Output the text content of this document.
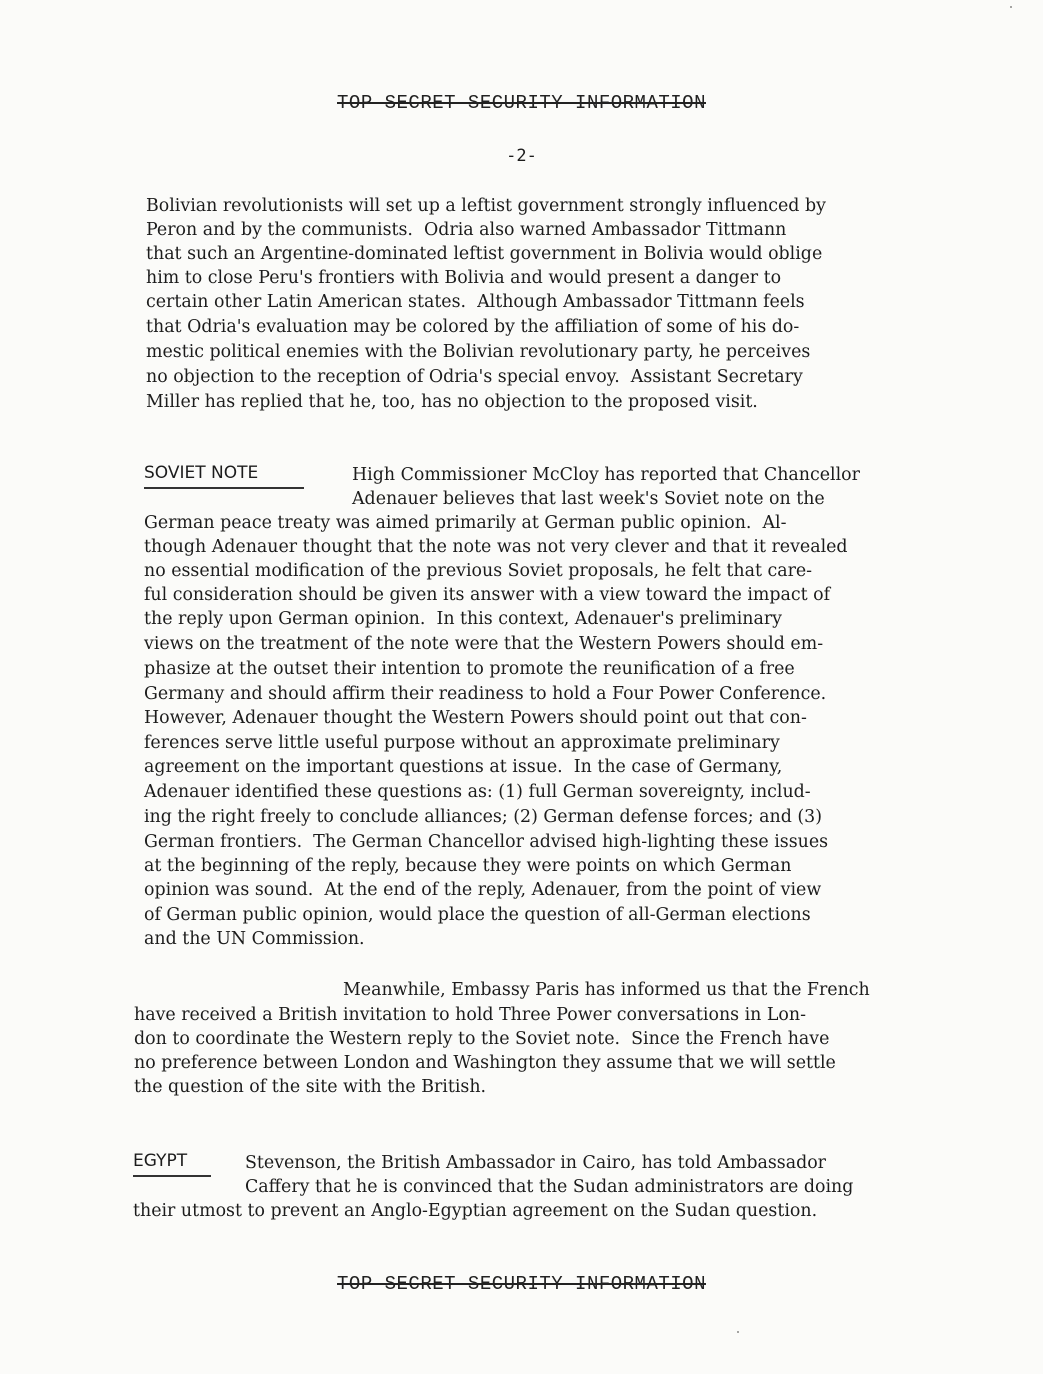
TOP SECRET SECURITY INFORMATION
-2-
Bolivian revolutionists will set up a leftist government strongly influenced by
Peron and by the communists.  Odria also warned Ambassador Tittmann
that such an Argentine-dominated leftist government in Bolivia would oblige
him to close Peru's frontiers with Bolivia and would present a danger to
certain other Latin American states.  Although Ambassador Tittmann feels
that Odria's evaluation may be colored by the affiliation of some of his do-
mestic political enemies with the Bolivian revolutionary party, he perceives
no objection to the reception of Odria's special envoy.  Assistant Secretary
Miller has replied that he, too, has no objection to the proposed visit.
SOVIET NOTE	High Commissioner McCloy has reported that Chancellor
Adenauer believes that last week's Soviet note on the
German peace treaty was aimed primarily at German public opinion.  Al-
though Adenauer thought that the note was not very clever and that it revealed
no essential modification of the previous Soviet proposals, he felt that care-
ful consideration should be given its answer with a view toward the impact of
the reply upon German opinion.  In this context, Adenauer's preliminary
views on the treatment of the note were that the Western Powers should em-
phasize at the outset their intention to promote the reunification of a free
Germany and should affirm their readiness to hold a Four Power Conference.
However, Adenauer thought the Western Powers should point out that con-
ferences serve little useful purpose without an approximate preliminary
agreement on the important questions at issue.  In the case of Germany,
Adenauer identified these questions as: (1) full German sovereignty, includ-
ing the right freely to conclude alliances; (2) German defense forces; and (3)
German frontiers.  The German Chancellor advised high-lighting these issues
at the beginning of the reply, because they were points on which German
opinion was sound.  At the end of the reply, Adenauer, from the point of view
of German public opinion, would place the question of all-German elections
and the UN Commission.
Meanwhile, Embassy Paris has informed us that the French
have received a British invitation to hold Three Power conversations in Lon-
don to coordinate the Western reply to the Soviet note.  Since the French have
no preference between London and Washington they assume that we will settle
the question of the site with the British.
EGYPT	Stevenson, the British Ambassador in Cairo, has told Ambassador
Caffery that he is convinced that the Sudan administrators are doing
their utmost to prevent an Anglo-Egyptian agreement on the Sudan question.
TOP SECRET SECURITY INFORMATION
